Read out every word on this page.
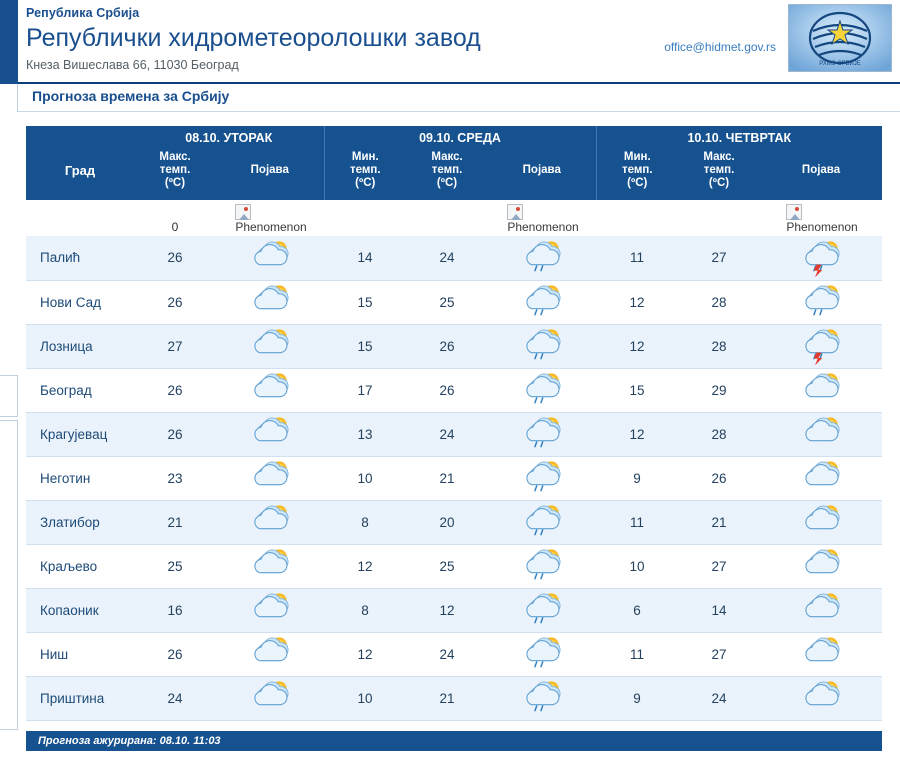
Република Србија
Републички хидрометеоролошки завод
Кнеза Вишеслава 66, 11030 Београд
office@hidmet.gov.rs
РХМЗ СРБИЈЕ
Прогноза времена за Србију
	08.10. УТОРАК		09.10. СРЕДА			10.10. ЧЕТВРТАК		
Град	Макс.
темп.
(ºC)	Појава	Мин.
темп.
(ºC)	Макс.
темп.
(ºC)	Појава	Мин.
темп.
(ºC)	Макс.
темп.
(ºC)	Појава
	0	Phenomenon			Phenomenon			Phenomenon

Палић	26		14	24		11	27	
Нови Сад	26		15	25		12	28	
Лозница	27		15	26		12	28	
Београд	26		17	26		15	29	
Крагујевац	26		13	24		12	28	
Неготин	23		10	21		9	26	
Златибор	21		8	20		11	21	
Краљево	25		12	25		10	27	
Копаоник	16		8	12		6	14	
Ниш	26		12	24		11	27	
Приштина	24		10	21		9	24	
Прогноза ажурирана: 08.10. 11:03
